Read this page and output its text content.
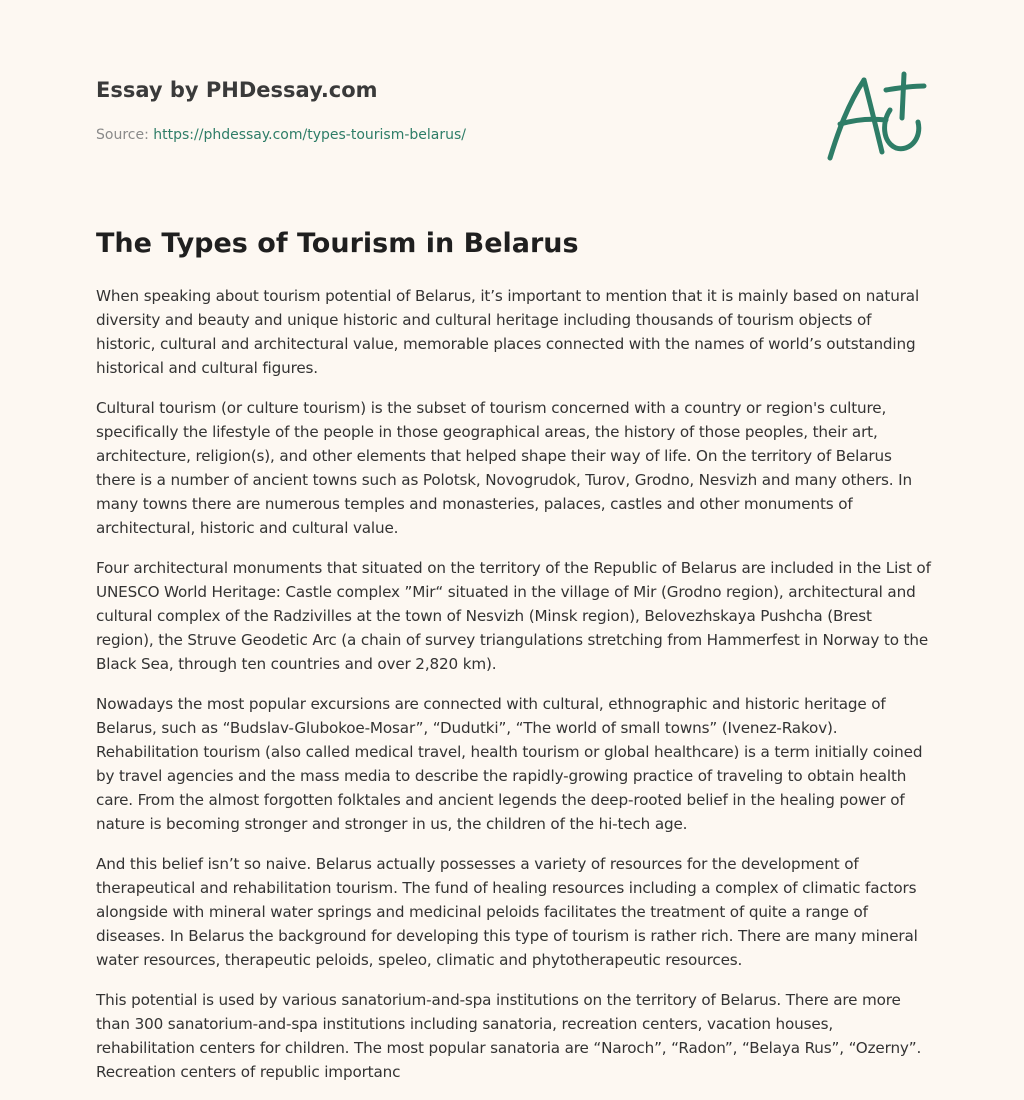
Essay by PHDessay.com

Source: https://phdessay.com/types-tourism-belarus/
The Types of Tourism in Belarus

When speaking about tourism potential of Belarus, it’s important to mention that it is mainly based on natural diversity and beauty and unique historic and cultural heritage including thousands of tourism objects of historic, cultural and architectural value, memorable places connected with the names of world’s outstanding historical and cultural figures.

Cultural tourism (or culture tourism) is the subset of tourism concerned with a country or region's culture, specifically the lifestyle of the people in those geographical areas, the history of those peoples, their art, architecture, religion(s), and other elements that helped shape their way of life. On the territory of Belarus there is a number of ancient towns such as Polotsk, Novogrudok, Turov, Grodno, Nesvizh and many others. In many towns there are numerous temples and monasteries, palaces, castles and other monuments of architectural, historic and cultural value.

Four architectural monuments that situated on the territory of the Republic of Belarus are included in the List of UNESCO World Heritage: Castle complex ”Mir“ situated in the village of Mir (Grodno region), architectural and cultural complex of the Radzivilles at the town of Nesvizh (Minsk region), Belovezhskaya Pushcha (Brest region), the Struve Geodetic Arc (a chain of survey triangulations stretching from Hammerfest in Norway to the Black Sea, through ten countries and over 2,820 km).

Nowadays the most popular excursions are connected with cultural, ethnographic and historic heritage of Belarus, such as “Budslav-Glubokoe-Mosar”, “Dudutki”, “The world of small towns” (Ivenez-Rakov). Rehabilitation tourism (also called medical travel, health tourism or global healthcare) is a term initially coined by travel agencies and the mass media to describe the rapidly-growing practice of traveling to obtain health care. From the almost forgotten folktales and ancient legends the deep-rooted belief in the healing power of nature is becoming stronger and stronger in us, the children of the hi-tech age.

And this belief isn’t so naive. Belarus actually possesses a variety of resources for the development of therapeutical and rehabilitation tourism. The fund of healing resources including a complex of climatic factors alongside with mineral water springs and medicinal peloids facilitates the treatment of quite a range of diseases. In Belarus the background for developing this type of tourism is rather rich. There are many mineral water resources, therapeutic peloids, speleo, climatic and phytotherapeutic resources.

This potential is used by various sanatorium-and-spa institutions on the territory of Belarus. There are more than 300 sanatorium-and-spa institutions including sanatoria, recreation centers, vacation houses, rehabilitation centers for children. The most popular sanatoria are “Naroch”, “Radon”, “Belaya Rus”, “Ozerny”. Recreation centers of republic importanc
